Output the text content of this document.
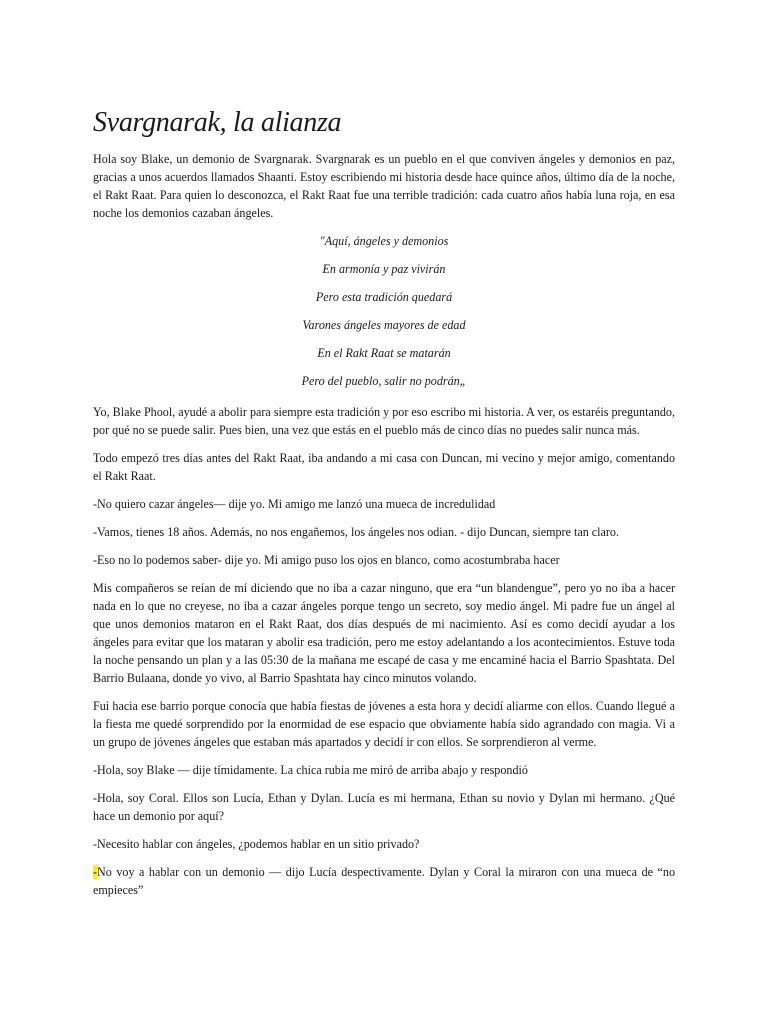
Svargnarak, la alianza

Hola soy Blake, un demonio de Svargnarak. Svargnarak es un pueblo en el que conviven ángeles y demonios en paz, gracias a unos acuerdos llamados Shaanti. Estoy escribiendo mi historia desde hace quince años, último día de la noche, el Rakt Raat. Para quien lo desconozca, el Rakt Raat fue una terrible tradición: cada cuatro años había luna roja, en esa noche los demonios cazaban ángeles.

"Aquí, ángeles y demonios
En armonía y paz vivirán
Pero esta tradición quedará
Varones ángeles mayores de edad
En el Rakt Raat se matarán
Pero del pueblo, salir no podrán„

Yo, Blake Phool, ayudé a abolir para siempre esta tradición y por eso escribo mi historia. A ver, os estaréis preguntando, por qué no se puede salir. Pues bien, una vez que estás en el pueblo más de cinco días no puedes salir nunca más.

Todo empezó tres días antes del Rakt Raat, iba andando a mi casa con Duncan, mi vecino y mejor amigo, comentando el Rakt Raat.

-No quiero cazar ángeles— dije yo. Mi amigo me lanzó una mueca de incredulidad

-Vamos, tienes 18 años. Además, no nos engañemos, los ángeles nos odian. - dijo Duncan, siempre tan claro.

-Eso no lo podemos saber- dije yo. Mi amigo puso los ojos en blanco, como acostumbraba hacer

Mis compañeros se reían de mí diciendo que no iba a cazar ninguno, que era “un blandengue”, pero yo no iba a hacer nada en lo que no creyese, no iba a cazar ángeles porque tengo un secreto, soy medio ángel. Mi padre fue un ángel al que unos demonios mataron en el Rakt Raat, dos días después de mi nacimiento. Así es como decidí ayudar a los ángeles para evitar que los mataran y abolir esa tradición, pero me estoy adelantando a los acontecimientos. Estuve toda la noche pensando un plan y a las 05:30 de la mañana me escapé de casa y me encaminé hacia el Barrio Spashtata. Del Barrio Bulaana, donde yo vivo, al Barrio Spashtata hay cinco minutos volando.

Fui hacia ese barrio porque conocía que había fiestas de jóvenes a esta hora y decidí aliarme con ellos. Cuando llegué a la fiesta me quedé sorprendido por la enormidad de ese espacio que obviamente había sido agrandado con magia. Vi a un grupo de jóvenes ángeles que estaban más apartados y decidí ir con ellos. Se sorprendieron al verme.

-Hola, soy Blake — dije tímidamente. La chica rubia me miró de arriba abajo y respondió

-Hola, soy Coral. Ellos son Lucía, Ethan y Dylan. Lucía es mi hermana, Ethan su novio y Dylan mi hermano. ¿Qué hace un demonio por aquí?

-Necesito hablar con ángeles, ¿podemos hablar en un sitio privado?

-No voy a hablar con un demonio — dijo Lucía despectivamente. Dylan y Coral la miraron con una mueca de “no empieces”
